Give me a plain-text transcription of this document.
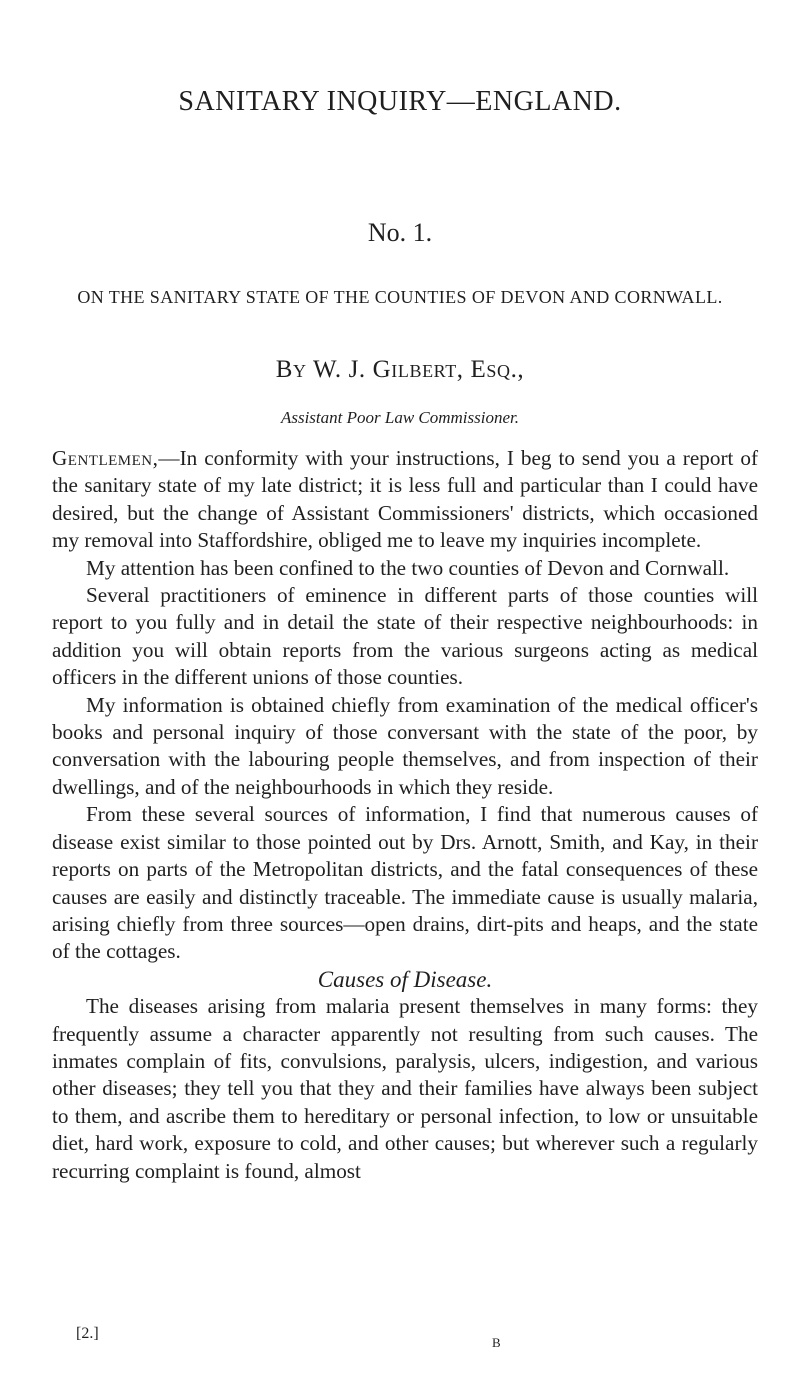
SANITARY INQUIRY—ENGLAND.
No. 1.
ON THE SANITARY STATE OF THE COUNTIES OF DEVON AND CORNWALL.
By W. J. Gilbert, Esq.,
Assistant Poor Law Commissioner.

Gentlemen,—In conformity with your instructions, I beg to send you a report of the sanitary state of my late district; it is less full and particular than I could have desired, but the change of Assistant Commissioners' districts, which occasioned my removal into Staffordshire, obliged me to leave my inquiries incomplete.

My attention has been confined to the two counties of Devon and Cornwall.

Several practitioners of eminence in different parts of those counties will report to you fully and in detail the state of their respective neighbourhoods: in addition you will obtain reports from the various surgeons acting as medical officers in the different unions of those counties.

My information is obtained chiefly from examination of the medical officer's books and personal inquiry of those conversant with the state of the poor, by conversation with the labouring people themselves, and from inspection of their dwellings, and of the neighbourhoods in which they reside.

From these several sources of information, I find that numerous causes of disease exist similar to those pointed out by Drs. Arnott, Smith, and Kay, in their reports on parts of the Metropolitan districts, and the fatal consequences of these causes are easily and distinctly traceable. The immediate cause is usually malaria, arising chiefly from three sources—open drains, dirt-pits and heaps, and the state of the cottages.

Causes of Disease.

The diseases arising from malaria present themselves in many forms: they frequently assume a character apparently not resulting from such causes. The inmates complain of fits, convulsions, paralysis, ulcers, indigestion, and various other diseases; they tell you that they and their families have always been subject to them, and ascribe them to hereditary or personal infection, to low or unsuitable diet, hard work, exposure to cold, and other causes; but wherever such a regularly recurring complaint is found, almost

[2.]
B
